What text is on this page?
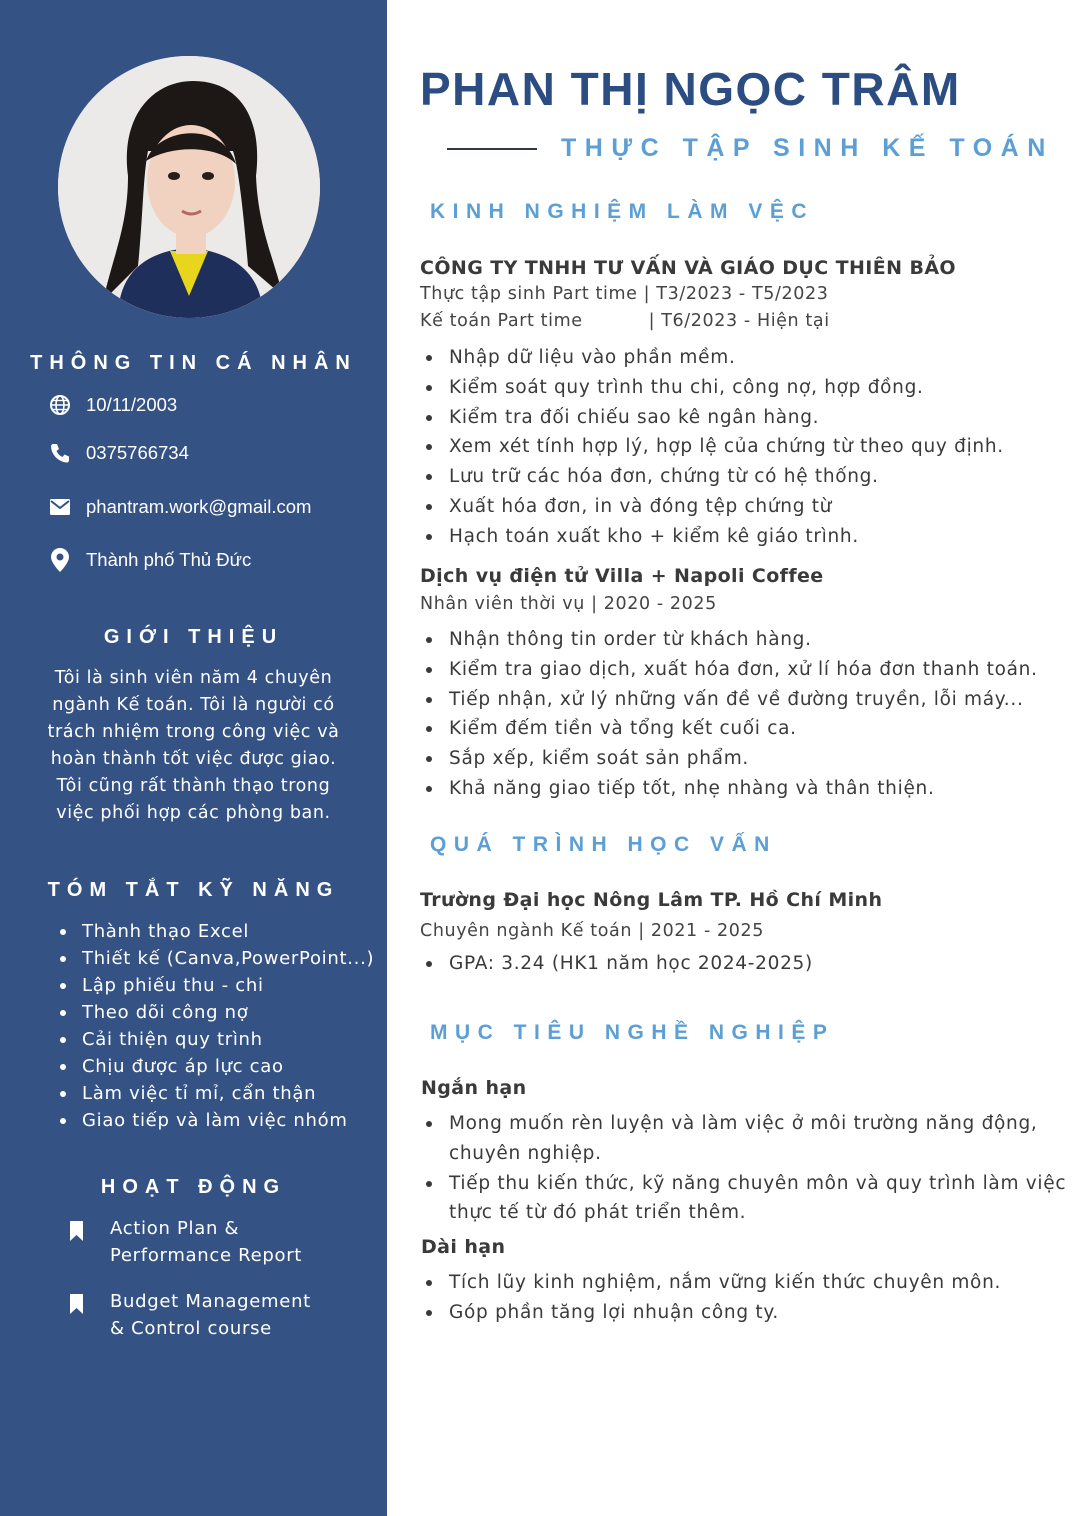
THÔNG TIN CÁ NHÂN
10/11/2003
0375766734
phantram.work@gmail.com
Thành phố Thủ Đức
GIỚI THIỆU
Tôi là sinh viên năm 4 chuyên
ngành Kế toán. Tôi là người có
trách nhiệm trong công việc và
hoàn thành tốt việc được giao.
Tôi cũng rất thành thạo trong
việc phối hợp các phòng ban.
TÓM TẮT KỸ NĂNG
Thành thạo Excel
Thiết kế (Canva,PowerPoint...)
Lập phiếu thu - chi
Theo dõi công nợ
Cải thiện quy trình
Chịu được áp lực cao
Làm việc tỉ mỉ, cẩn thận
Giao tiếp và làm việc nhóm
HOẠT ĐỘNG
Action Plan &
Performance Report
Budget Management
& Control course
PHAN THỊ NGỌC TRÂM
THỰC TẬP SINH KẾ TOÁN
KINH NGHIỆM LÀM VỆC
CÔNG TY TNHH TƯ VẤN VÀ GIÁO DỤC THIÊN BẢO
Thực tập sinh Part time | T3/2023 - T5/2023
Kế toán Part time	| T6/2023 - Hiện tại
Nhập dữ liệu vào phần mềm.
Kiểm soát quy trình thu chi, công nợ, hợp đồng.
Kiểm tra đối chiếu sao kê ngân hàng.
Xem xét tính hợp lý, hợp lệ của chứng từ theo quy định.
Lưu trữ các hóa đơn, chứng từ có hệ thống.
Xuất hóa đơn, in và đóng tệp chứng từ
Hạch toán xuất kho + kiểm kê giáo trình.
Dịch vụ điện tử Villa + Napoli Coffee
Nhân viên thời vụ | 2020 - 2025
Nhận thông tin order từ khách hàng.
Kiểm tra giao dịch, xuất hóa đơn, xử lí hóa đơn thanh toán.
Tiếp nhận, xử lý những vấn đề về đường truyền, lỗi máy...
Kiểm đếm tiền và tổng kết cuối ca.
Sắp xếp, kiểm soát sản phẩm.
Khả năng giao tiếp tốt, nhẹ nhàng và thân thiện.
QUÁ TRÌNH HỌC VẤN
Trường Đại học Nông Lâm TP. Hồ Chí Minh
Chuyên ngành Kế toán | 2021 - 2025
GPA: 3.24 (HK1 năm học 2024-2025)
MỤC TIÊU NGHỀ NGHIỆP
Ngắn hạn
Mong muốn rèn luyện và làm việc ở môi trường năng động, chuyên nghiệp.
Tiếp thu kiến thức, kỹ năng chuyên môn và quy trình làm việc thực tế từ đó phát triển thêm.
Dài hạn
Tích lũy kinh nghiệm, nắm vững kiến thức chuyên môn.
Góp phần tăng lợi nhuận công ty.
